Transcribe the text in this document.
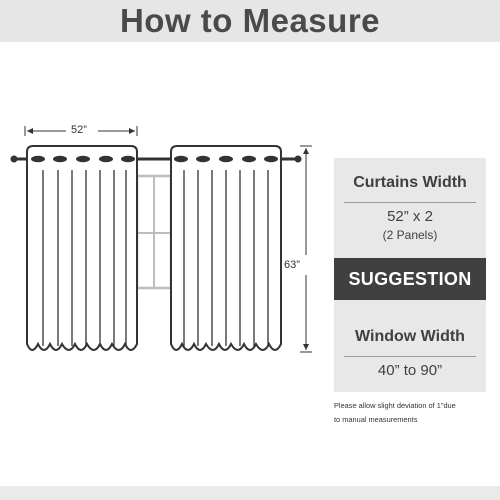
How to Measure
52”
63”
Curtains Width
52” x 2
(2 Panels)
SUGGESTION
Window Width
40” to 90”
Please allow slight deviation of 1"due
to manual measurements
